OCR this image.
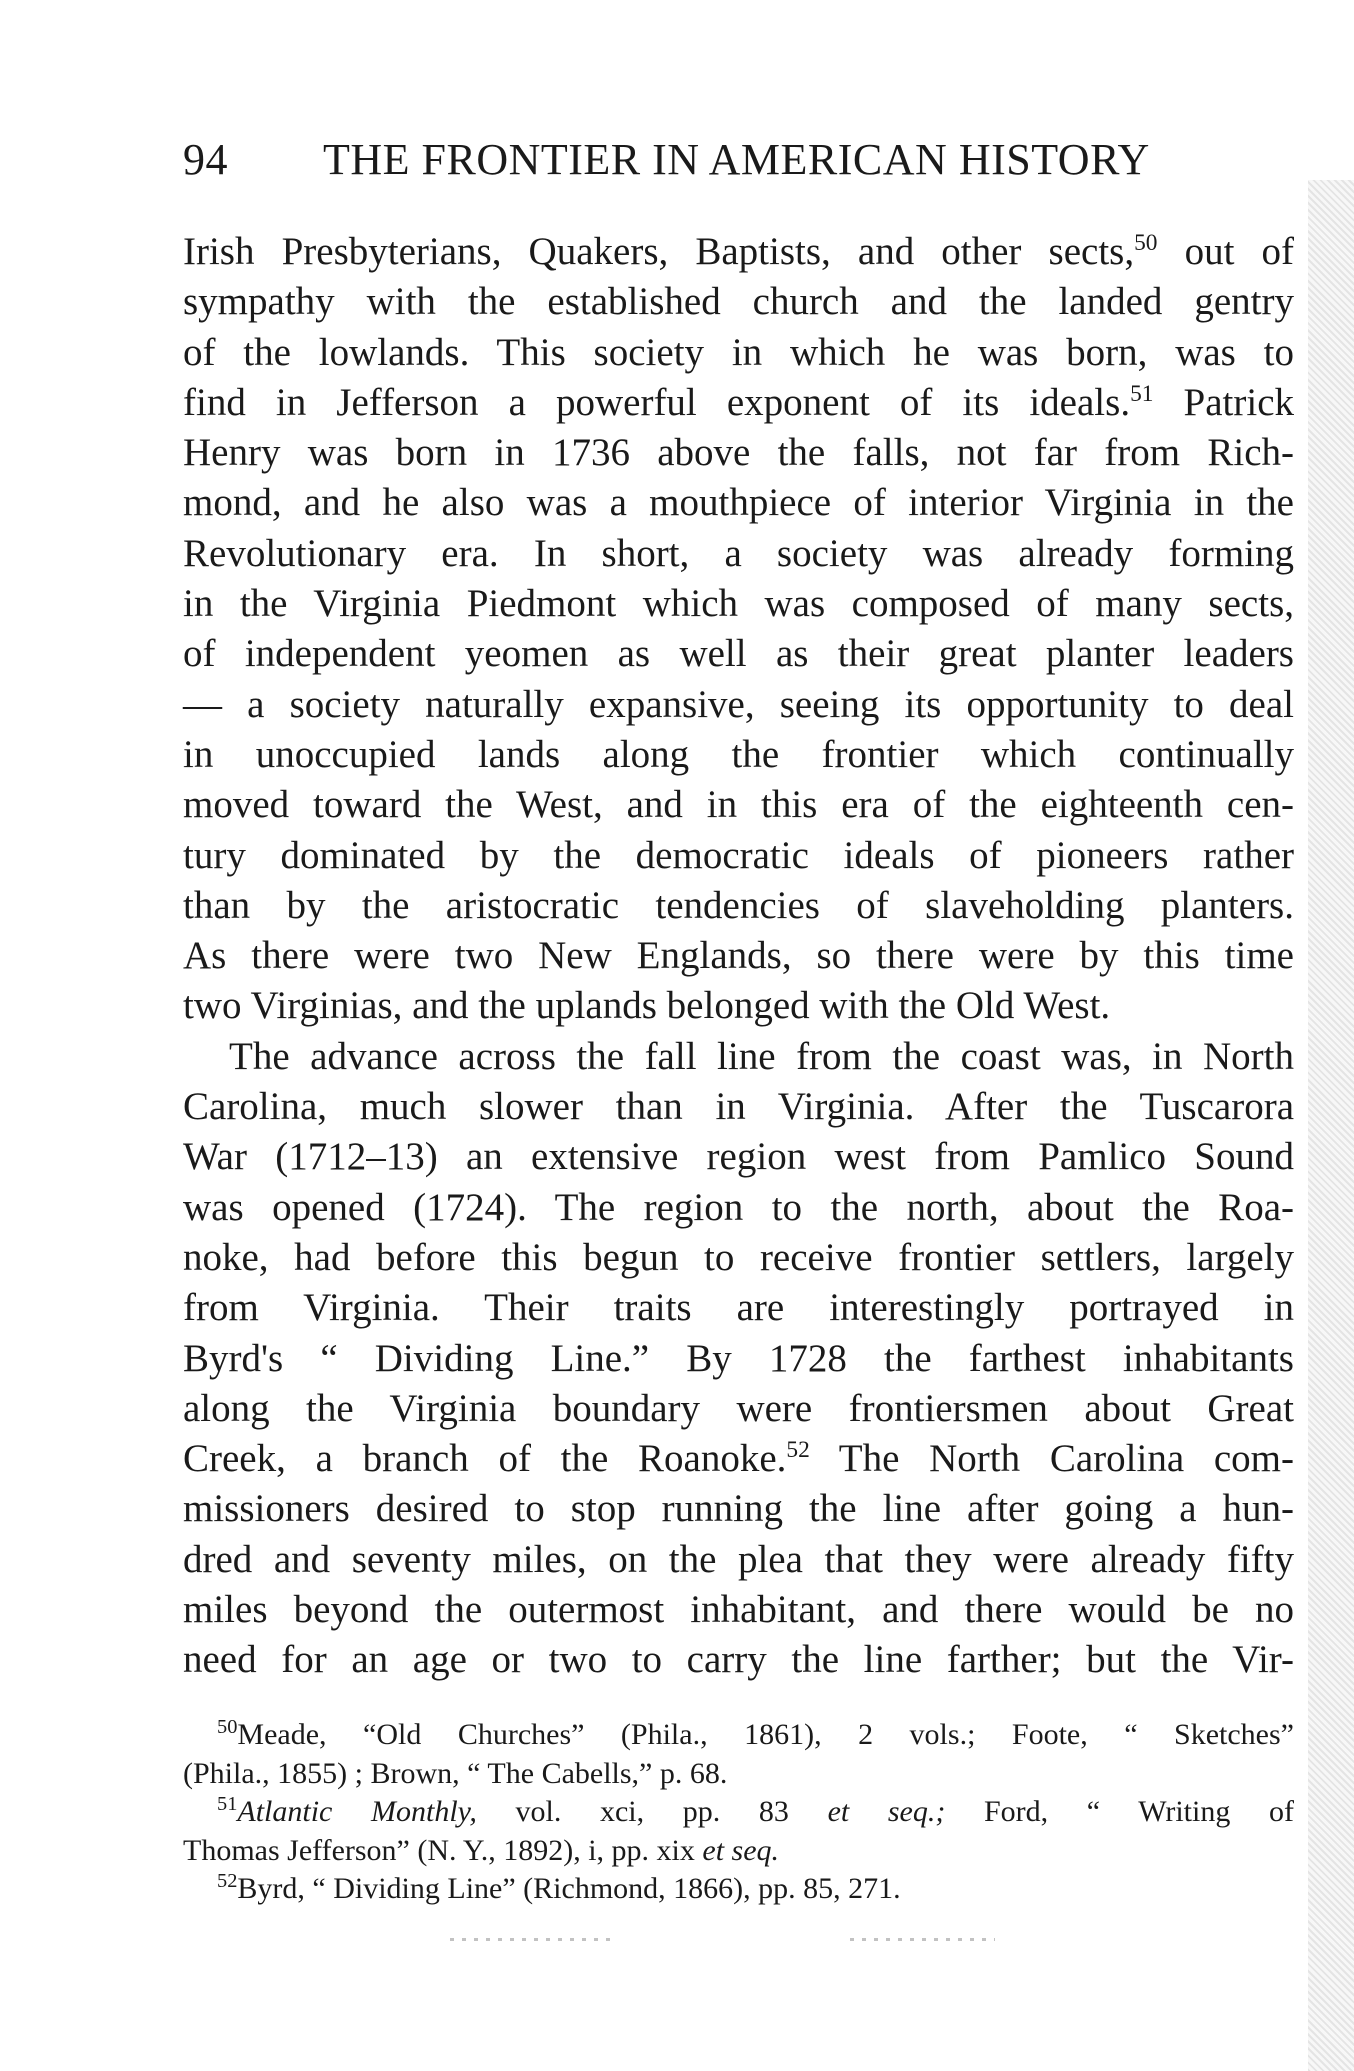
94 THE FRONTIER IN AMERICAN HISTORY
Irish Presbyterians, Quakers, Baptists, and other sects,$^{50}$ out of
sympathy with the established church and the landed gentry
of the lowlands. This society in which he was born, was to
find in Jefferson a powerful exponent of its ideals.$^{51}$ Patrick
Henry was born in 1736 above the falls, not far from Rich-
mond, and he also was a mouthpiece of interior Virginia in the
Revolutionary era. In short, a society was already forming
in the Virginia Piedmont which was composed of many sects,
of independent yeomen as well as their great planter leaders
— a society naturally expansive, seeing its opportunity to deal
in unoccupied lands along the frontier which continually
moved toward the West, and in this era of the eighteenth cen-
tury dominated by the democratic ideals of pioneers rather
than by the aristocratic tendencies of slaveholding planters.
As there were two New Englands, so there were by this time
two Virginias, and the uplands belonged with the Old West.
The advance across the fall line from the coast was, in North
Carolina, much slower than in Virginia. After the Tuscarora
War (1712–13) an extensive region west from Pamlico Sound
was opened (1724). The region to the north, about the Roa-
noke, had before this begun to receive frontier settlers, largely
from Virginia. Their traits are interestingly portrayed in
Byrd's “ Dividing Line.” By 1728 the farthest inhabitants
along the Virginia boundary were frontiersmen about Great
Creek, a branch of the Roanoke.$^{52}$ The North Carolina com-
missioners desired to stop running the line after going a hun-
dred and seventy miles, on the plea that they were already fifty
miles beyond the outermost inhabitant, and there would be no
need for an age or two to carry the line farther; but the Vir-
$^{50}$Meade, “Old Churches” (Phila., 1861), 2 vols.; Foote, “ Sketches”
(Phila., 1855) ; Brown, “ The Cabells,” p. 68.
$^{51}$Atlantic Monthly, vol. xci, pp. 83 et seq.; Ford, “ Writing of
Thomas Jefferson” (N. Y., 1892), i, pp. xix et seq.
$^{52}$Byrd, “ Dividing Line” (Richmond, 1866), pp. 85, 271.
